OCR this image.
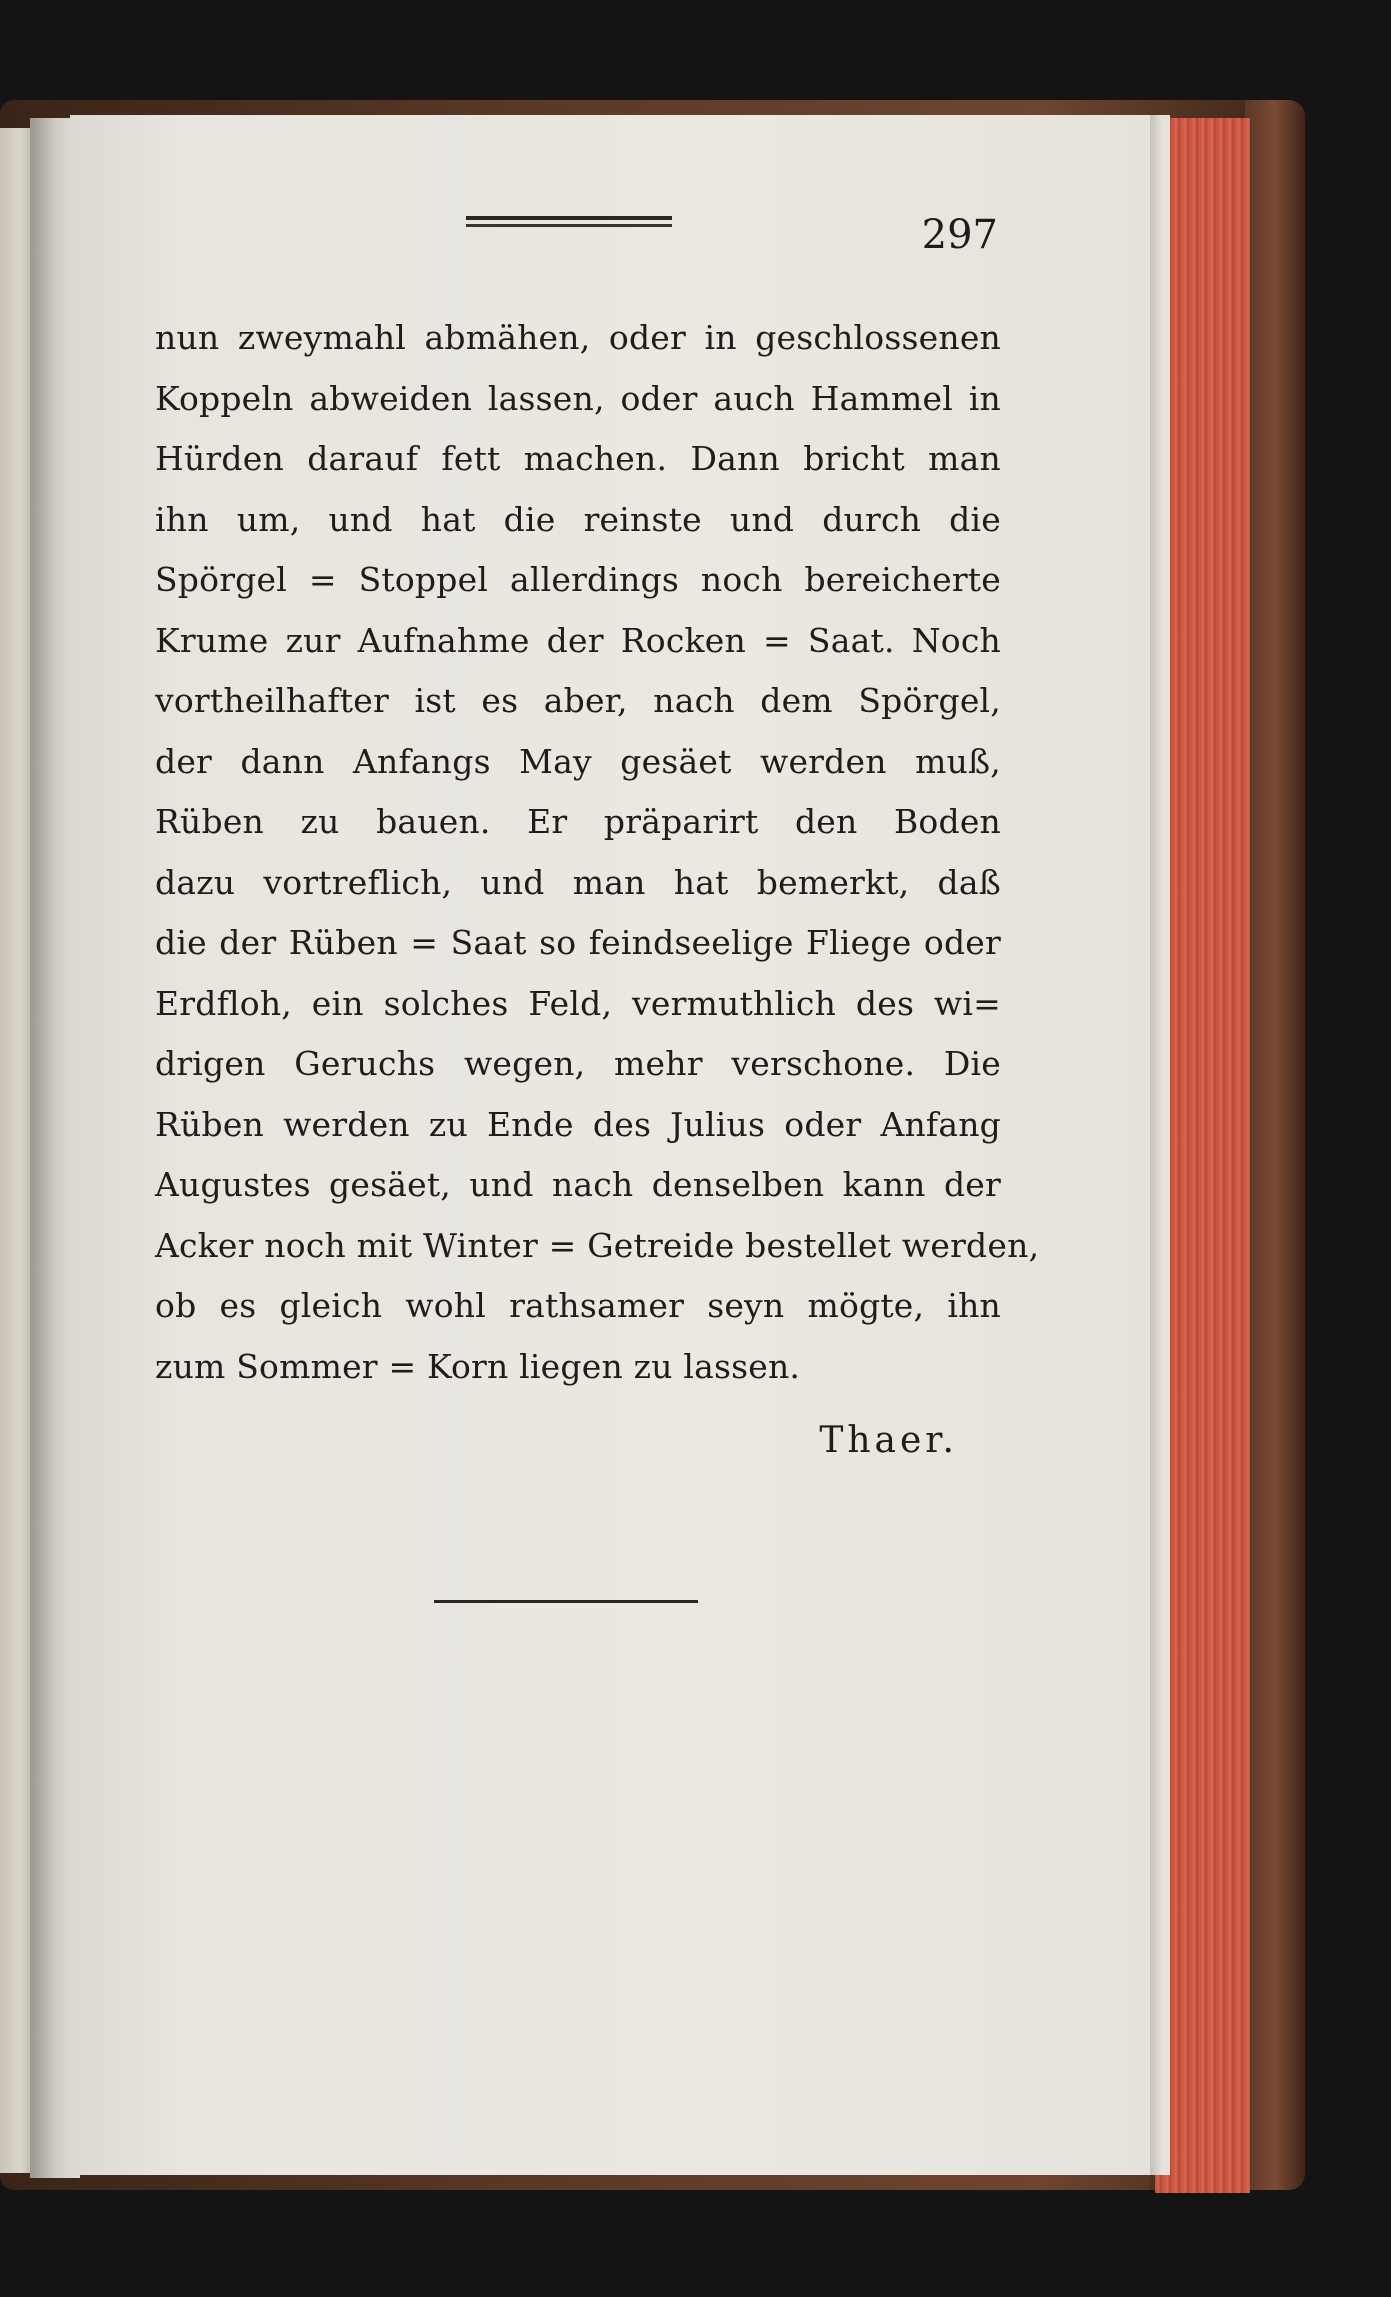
297
nun zweymahl abmähen, oder in geschlossenen
Koppeln abweiden lassen, oder auch Hammel in
Hürden darauf fett machen. Dann bricht man
ihn um, und hat die reinste und durch die
Spörgel = Stoppel allerdings noch bereicherte
Krume zur Aufnahme der Rocken = Saat. Noch
vortheilhafter ist es aber, nach dem Spörgel,
der dann Anfangs May gesäet werden muß,
Rüben zu bauen. Er präparirt den Boden
dazu vortreflich, und man hat bemerkt, daß
die der Rüben = Saat so feindseelige Fliege oder
Erdfloh, ein solches Feld, vermuthlich des wi=
drigen Geruchs wegen, mehr verschone. Die
Rüben werden zu Ende des Julius oder Anfang
Augustes gesäet, und nach denselben kann der
Acker noch mit Winter = Getreide bestellet werden,
ob es gleich wohl rathsamer seyn mögte, ihn
zum Sommer = Korn liegen zu lassen.
Thaer.
